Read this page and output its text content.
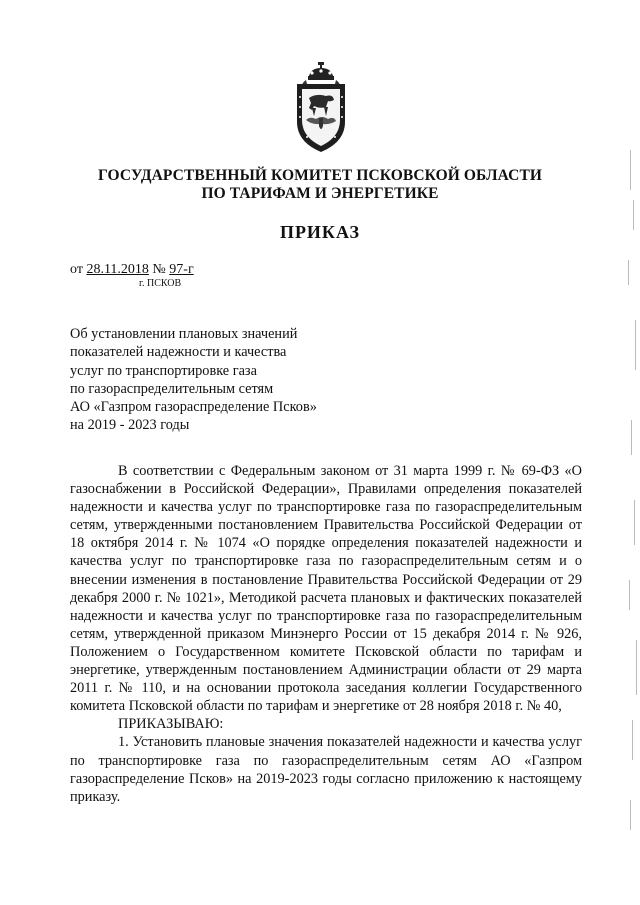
ГОСУДАРСТВЕННЫЙ КОМИТЕТ ПСКОВСКОЙ ОБЛАСТИ
ПО ТАРИФАМ И ЭНЕРГЕТИКЕ
ПРИКАЗ
от 28.11.2018 № 97-г
г. ПСКОВ
Об установлении плановых значений
показателей надежности и качества
услуг по транспортировке газа
по газораспределительным сетям
АО «Газпром газораспределение Псков»
на 2019 - 2023 годы

В соответствии с Федеральным законом от 31 марта 1999 г. № 69-ФЗ «О газоснабжении в Российской Федерации», Правилами определения показателей надежности и качества услуг по транспортировке газа по газораспределительным сетям, утвержденными постановлением Правительства Российской Федерации от 18 октября 2014 г. № 1074 «О порядке определения показателей надежности и качества услуг по транспортировке газа по газораспределительным сетям и о внесении изменения в постановление Правительства Российской Федерации от 29 декабря 2000 г. № 1021», Методикой расчета плановых и фактических показателей надежности и качества услуг по транспортировке газа по газораспределительным сетям, утвержденной приказом Минэнерго России от 15 декабря 2014 г. № 926, Положением о Государственном комитете Псковской области по тарифам и энергетике, утвержденным постановлением Администрации области от 29 марта 2011 г. № 110, и на основании протокола заседания коллегии Государственного комитета Псковской области по тарифам и энергетике от 28 ноября 2018 г. № 40,

ПРИКАЗЫВАЮ:

1. Установить плановые значения показателей надежности и качества услуг по транспортировке газа по газораспределительным сетям АО «Газпром газораспределение Псков» на 2019-2023 годы согласно приложению к настоящему приказу.
